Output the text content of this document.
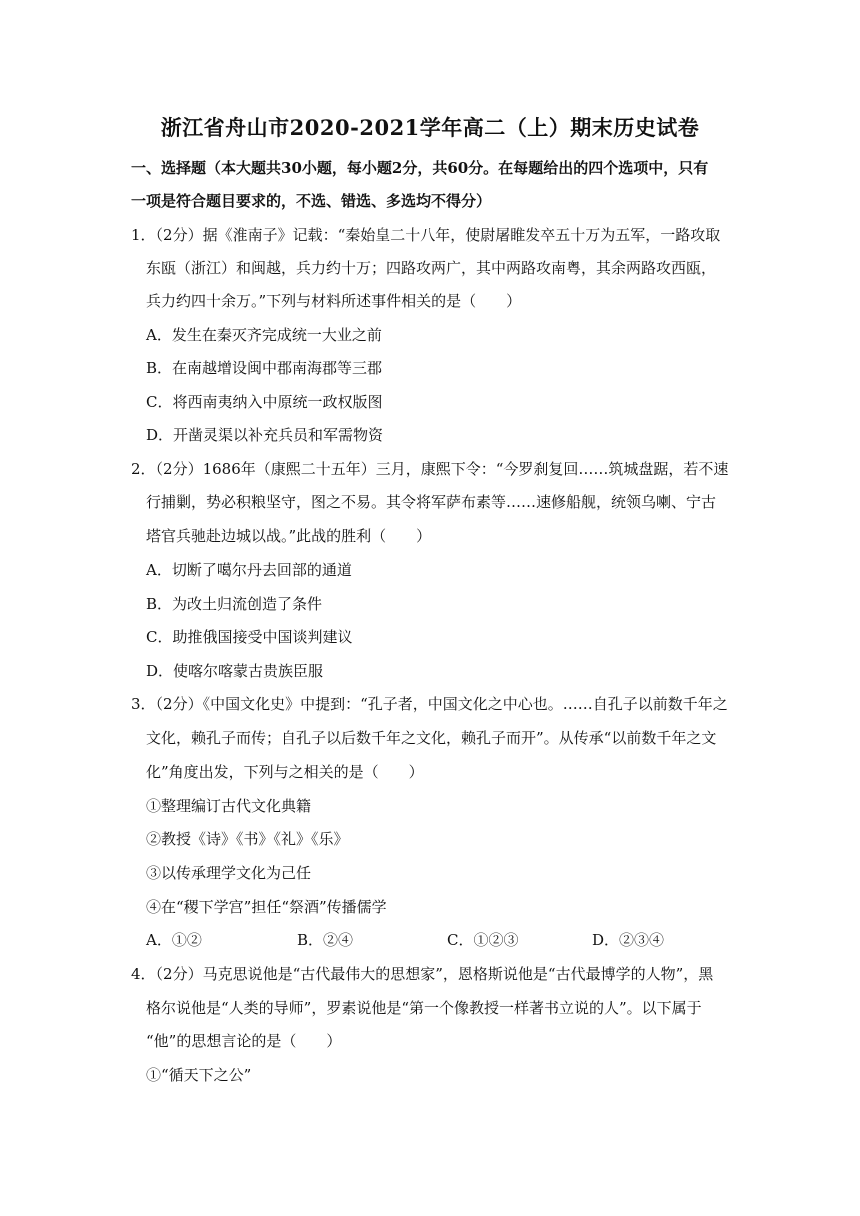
浙江省舟山市2020-2021学年高二（上）期末历史试卷
一、选择题（本大题共30小题，每小题2分，共60分。在每题给出的四个选项中，只有
一项是符合题目要求的，不选、错选、多选均不得分）
1．（2分）据《淮南子》记载：“秦始皇二十八年，使尉屠睢发卒五十万为五军，一路攻取
东瓯（浙江）和闽越，兵力约十万；四路攻两广，其中两路攻南粤，其余两路攻西瓯，
兵力约四十余万。”下列与材料所述事件相关的是（　　）
A．发生在秦灭齐完成统一大业之前
B．在南越增设闽中郡南海郡等三郡
C．将西南夷纳入中原统一政权版图
D．开凿灵渠以补充兵员和军需物资
2．（2分）1686年（康熙二十五年）三月，康熙下令：“今罗刹复回……筑城盘踞，若不速
行捕剿，势必积粮坚守，图之不易。其令将军萨布素等……速修船舰，统领乌喇、宁古
塔官兵驰赴边城以战。”此战的胜利（　　）
A．切断了噶尔丹去回部的通道
B．为改土归流创造了条件
C．助推俄国接受中国谈判建议
D．使喀尔喀蒙古贵族臣服
3．（2分）《中国文化史》中提到：“孔子者，中国文化之中心也。……自孔子以前数千年之
文化，赖孔子而传；自孔子以后数千年之文化，赖孔子而开”。从传承“以前数千年之文
化”角度出发，下列与之相关的是（　　）
①整理编订古代文化典籍
②教授《诗》《书》《礼》《乐》
③以传承理学文化为己任
④在“稷下学宫”担任“祭酒”传播儒学
A．①②	B．②④	C．①②③	D．②③④
4．（2分）马克思说他是“古代最伟大的思想家”，恩格斯说他是“古代最博学的人物”，黑
格尔说他是“人类的导师”，罗素说他是“第一个像教授一样著书立说的人”。以下属于
“他”的思想言论的是（　　）
①“循天下之公”
